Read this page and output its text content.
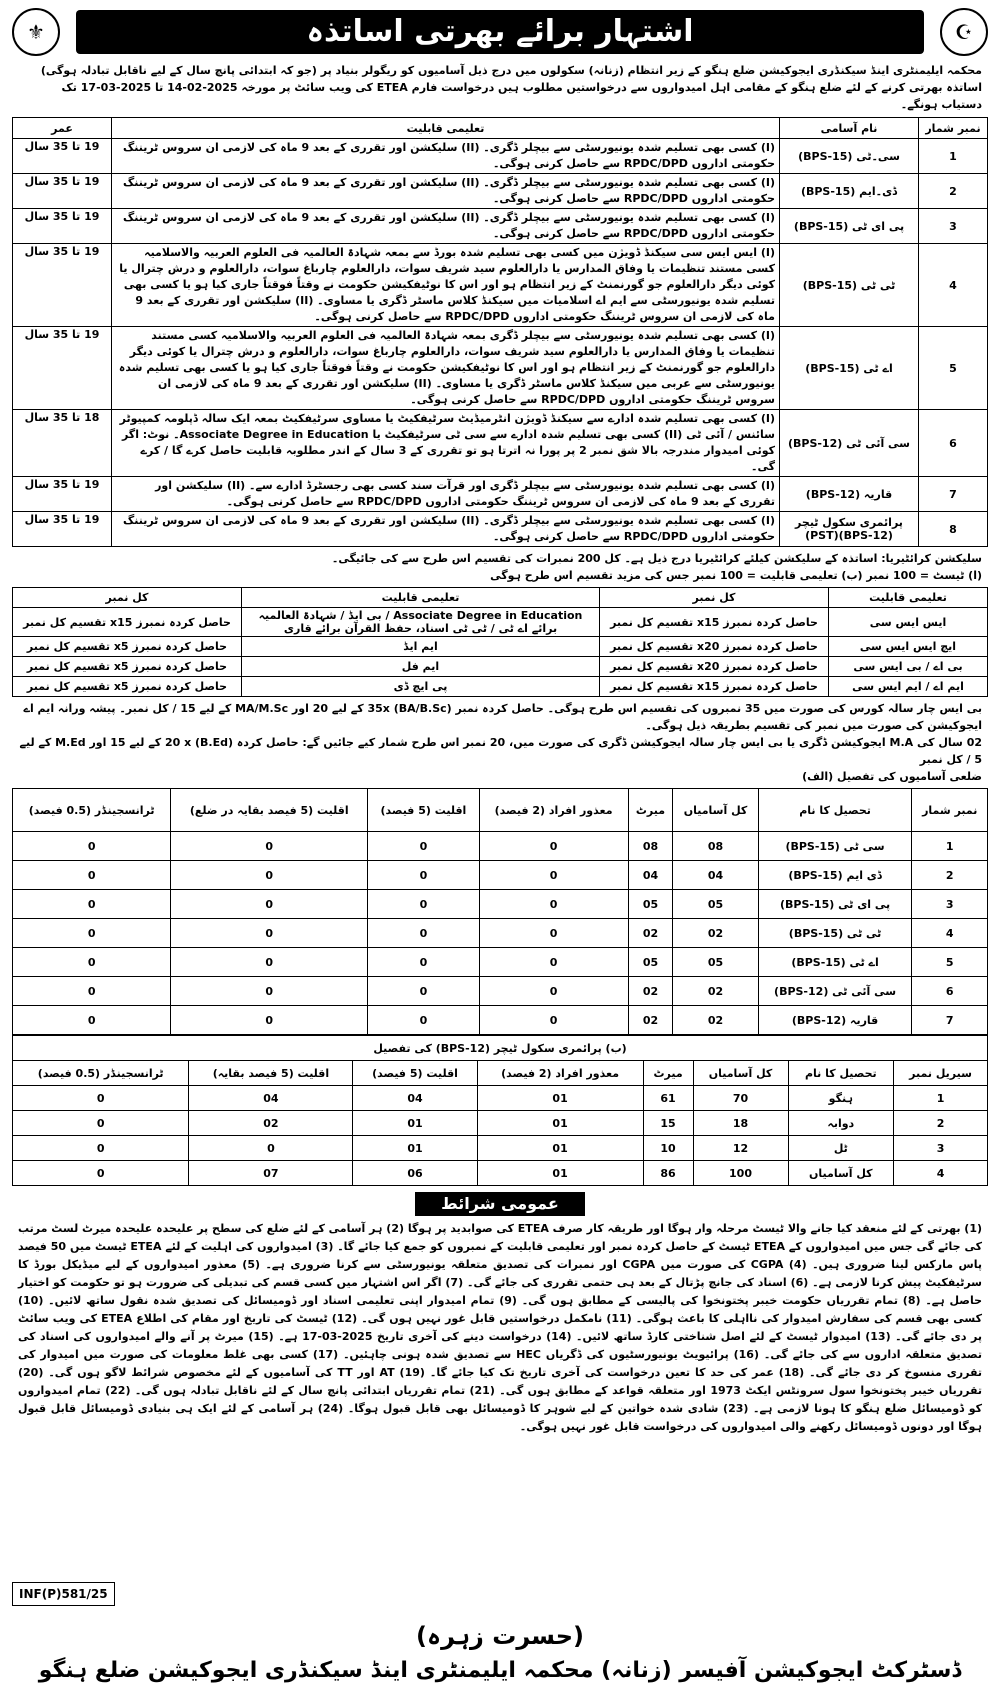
⚜	اشتہار برائے بھرتی اساتذہ	☪
محکمہ ایلیمنٹری اینڈ سیکنڈری ایجوکیشن ضلع ہنگو کے زیر انتظام (زنانہ) سکولوں میں درج ذیل آسامیوں کو ریگولر بنیاد پر (جو کہ ابتدائی پانچ سال کے لیے ناقابل تبادلہ ہوگی) اساتذہ بھرتی کرنے کے لئے ضلع ہنگو کے مقامی اہل امیدواروں سے درخواستیں مطلوب ہیں درخواست فارم ETEA کی ویب سائٹ پر مورخہ 2025-02-14 تا 2025-03-17 تک دستیاب ہونگے۔
نمبر شمار	نام آسامی	تعلیمی قابلیت	عمر
1	سی۔ٹی (BPS-15)	(I) کسی بھی تسلیم شدہ یونیورسٹی سے بیچلر ڈگری۔ (II) سلیکشن اور تقرری کے بعد 9 ماہ کی لازمی ان سروس ٹریننگ حکومتی اداروں RPDC/DPD سے حاصل کرنی ہوگی۔	19 تا 35 سال
2	ڈی۔ایم (BPS-15)	(I) کسی بھی تسلیم شدہ یونیورسٹی سے بیچلر ڈگری۔ (II) سلیکشن اور تقرری کے بعد 9 ماہ کی لازمی ان سروس ٹریننگ حکومتی اداروں RPDC/DPD سے حاصل کرنی ہوگی۔	19 تا 35 سال
3	پی ای ٹی (BPS-15)	(I) کسی بھی تسلیم شدہ یونیورسٹی سے بیچلر ڈگری۔ (II) سلیکشن اور تقرری کے بعد 9 ماہ کی لازمی ان سروس ٹریننگ حکومتی اداروں RPDC/DPD سے حاصل کرنی ہوگی۔	19 تا 35 سال
4	ٹی ٹی (BPS-15)	(I) ایس ایس سی سیکنڈ ڈویژن میں کسی بھی تسلیم شدہ بورڈ سے بمعہ شہادۃ العالمیہ فی العلوم العربیہ والاسلامیہ کسی مستند تنظیمات یا وفاق المدارس یا دارالعلوم سید شریف سوات، دارالعلوم چارباغ سوات، دارالعلوم و درش چترال یا کوئی دیگر دارالعلوم جو گورنمنٹ کے زیر انتظام ہو اور اس کا نوٹیفکیشن حکومت نے وقتاً فوقتاً جاری کیا ہو یا کسی بھی تسلیم شدہ یونیورسٹی سے ایم اے اسلامیات میں سیکنڈ کلاس ماسٹر ڈگری یا مساوی۔ (II) سلیکشن اور تقرری کے بعد 9 ماہ کی لازمی ان سروس ٹریننگ حکومتی اداروں RPDC/DPD سے حاصل کرنی ہوگی۔	19 تا 35 سال
5	اے ٹی (BPS-15)	(I) کسی بھی تسلیم شدہ یونیورسٹی سے بیچلر ڈگری بمعہ شہادۃ العالمیہ فی العلوم العربیہ والاسلامیہ کسی مستند تنظیمات یا وفاق المدارس یا دارالعلوم سید شریف سوات، دارالعلوم چارباغ سوات، دارالعلوم و درش چترال یا کوئی دیگر دارالعلوم جو گورنمنٹ کے زیر انتظام ہو اور اس کا نوٹیفکیشن حکومت نے وقتاً فوقتاً جاری کیا ہو یا کسی بھی تسلیم شدہ یونیورسٹی سے عربی میں سیکنڈ کلاس ماسٹر ڈگری یا مساوی۔ (II) سلیکشن اور تقرری کے بعد 9 ماہ کی لازمی ان سروس ٹریننگ حکومتی اداروں RPDC/DPD سے حاصل کرنی ہوگی۔	19 تا 35 سال
6	سی آئی ٹی (BPS-12)	(I) کسی بھی تسلیم شدہ ادارے سے سیکنڈ ڈویژن انٹرمیڈیٹ سرٹیفکیٹ یا مساوی سرٹیفکیٹ بمعہ ایک سالہ ڈپلومہ کمپیوٹر سائنس / آئی ٹی (II) کسی بھی تسلیم شدہ ادارے سے سی ٹی سرٹیفکیٹ یا Associate Degree in Education۔ نوٹ: اگر کوئی امیدوار مندرجہ بالا شق نمبر 2 پر پورا نہ اترتا ہو تو تقرری کے 3 سال کے اندر مطلوبہ قابلیت حاصل کرے گا / کرے گی۔	18 تا 35 سال
7	قاریہ (BPS-12)	(I) کسی بھی تسلیم شدہ یونیورسٹی سے بیچلر ڈگری اور قرآت سند کسی بھی رجسٹرڈ ادارے سے۔ (II) سلیکشن اور تقرری کے بعد 9 ماہ کی لازمی ان سروس ٹریننگ حکومتی اداروں RPDC/DPD سے حاصل کرنی ہوگی۔	19 تا 35 سال
8	پرائمری سکول ٹیچر (BPS-12)(PST)	(I) کسی بھی تسلیم شدہ یونیورسٹی سے بیچلر ڈگری۔ (II) سلیکشن اور تقرری کے بعد 9 ماہ کی لازمی ان سروس ٹریننگ حکومتی اداروں RPDC/DPD سے حاصل کرنی ہوگی۔	19 تا 35 سال
سلیکشن کرائٹیریا: اساتذہ کے سلیکشن کیلئے کرائٹیریا درج ذیل ہے۔ کل 200 نمبرات کی تقسیم اس طرح سے کی جائیگی۔
(ا) ٹیسٹ = 100 نمبر (ب) تعلیمی قابلیت = 100 نمبر جس کی مزید تقسیم اس طرح ہوگی
تعلیمی قابلیت	کل نمبر	تعلیمی قابلیت	کل نمبر
ایس ایس سی	حاصل کردہ نمبرز x15 تقسیم کل نمبر	Associate Degree in Education / بی ایڈ / شہادۃ العالمیہ برائے اے ٹی / ٹی ٹی اسناد، حفظ القرآن برائے قاری	حاصل کردہ نمبرز x15 تقسیم کل نمبر
ایچ ایس ایس سی	حاصل کردہ نمبرز x20 تقسیم کل نمبر	ایم ایڈ	حاصل کردہ نمبرز x5 تقسیم کل نمبر
بی اے / بی ایس سی	حاصل کردہ نمبرز x20 تقسیم کل نمبر	ایم فل	حاصل کردہ نمبرز x5 تقسیم کل نمبر
ایم اے / ایم ایس سی	حاصل کردہ نمبرز x15 تقسیم کل نمبر	پی ایچ ڈی	حاصل کردہ نمبرز x5 تقسیم کل نمبر
بی ایس چار سالہ کورس کی صورت میں 35 نمبروں کی تقسیم اس طرح ہوگی۔ حاصل کردہ نمبر (BA/B.Sc) 35x کے لیے 20 اور MA/M.Sc کے لیے 15 / کل نمبر۔ پیشہ ورانہ ایم اے ایجوکیشن کی صورت میں نمبر کی تقسیم بطریقہ ذیل ہوگی۔
02 سال کی M.A ایجوکیشن ڈگری یا بی ایس چار سالہ ایجوکیشن ڈگری کی صورت میں، 20 نمبر اس طرح شمار کیے جائیں گے: حاصل کردہ (B.Ed) 20 x کے لیے 15 اور M.Ed کے لیے 5 / کل نمبر
ضلعی آسامیوں کی تفصیل (الف)
نمبر شمار	تحصیل کا نام	کل آسامیاں	میرٹ	معذور افراد (2 فیصد)	اقلیت (5 فیصد)	اقلیت (5 فیصد بقایہ در ضلع)	ٹرانسجینڈر (0.5 فیصد)
1	سی ٹی (BPS-15)	08	08	0	0	0	0
2	ڈی ایم (BPS-15)	04	04	0	0	0	0
3	پی ای ٹی (BPS-15)	05	05	0	0	0	0
4	ٹی ٹی (BPS-15)	02	02	0	0	0	0
5	اے ٹی (BPS-15)	05	05	0	0	0	0
6	سی آئی ٹی (BPS-12)	02	02	0	0	0	0
7	قاریہ (BPS-12)	02	02	0	0	0	0
(ب) پرائمری سکول ٹیچر (BPS-12) کی تفصیل							
سیریل نمبر	تحصیل کا نام	کل آسامیاں	میرٹ	معذور افراد (2 فیصد)	اقلیت (5 فیصد)	اقلیت (5 فیصد بقایہ)	ٹرانسجینڈر (0.5 فیصد)
1	ہنگو	70	61	01	04	04	0
2	دوابہ	18	15	01	01	02	0
3	ٹل	12	10	01	01	0	0
4	کل آسامیاں	100	86	01	06	07	0
عمومی شرائط
(1) بھرتی کے لئے منعقد کیا جانے والا ٹیسٹ مرحلہ وار ہوگا اور طریقہ کار صرف ETEA کی صوابدید پر ہوگا (2) ہر آسامی کے لئے ضلع کی سطح پر علیحدہ علیحدہ میرٹ لسٹ مرتب کی جائے گی جس میں امیدواروں کے ETEA ٹیسٹ کے حاصل کردہ نمبر اور تعلیمی قابلیت کے نمبروں کو جمع کیا جائے گا۔ (3) امیدواروں کی اہلیت کے لئے ETEA ٹیسٹ میں 50 فیصد پاس مارکس لینا ضروری ہیں۔ (4) CGPA کی صورت میں CGPA اور نمبرات کی تصدیق متعلقہ یونیورسٹی سے کرنا ضروری ہے۔ (5) معذور امیدواروں کے لیے میڈیکل بورڈ کا سرٹیفکیٹ پیش کرنا لازمی ہے۔ (6) اسناد کی جانچ پڑتال کے بعد ہی حتمی تقرری کی جائے گی۔ (7) اگر اس اشتہار میں کسی قسم کی تبدیلی کی ضرورت ہو تو حکومت کو اختیار حاصل ہے۔ (8) تمام تقرریاں حکومت خیبر پختونخوا کی پالیسی کے مطابق ہوں گی۔ (9) تمام امیدوار اپنی تعلیمی اسناد اور ڈومیسائل کی تصدیق شدہ نقول ساتھ لائیں۔ (10) کسی بھی قسم کی سفارش امیدوار کی نااہلی کا باعث ہوگی۔ (11) نامکمل درخواستیں قابل غور نہیں ہوں گی۔ (12) ٹیسٹ کی تاریخ اور مقام کی اطلاع ETEA کی ویب سائٹ پر دی جائے گی۔ (13) امیدوار ٹیسٹ کے لئے اصل شناختی کارڈ ساتھ لائیں۔ (14) درخواست دینے کی آخری تاریخ 2025-03-17 ہے۔ (15) میرٹ پر آنے والے امیدواروں کی اسناد کی تصدیق متعلقہ اداروں سے کی جائے گی۔ (16) پرائیویٹ یونیورسٹیوں کی ڈگریاں HEC سے تصدیق شدہ ہونی چاہئیں۔ (17) کسی بھی غلط معلومات کی صورت میں امیدوار کی تقرری منسوخ کر دی جائے گی۔ (18) عمر کی حد کا تعین درخواست کی آخری تاریخ تک کیا جائے گا۔ (19) AT اور TT کی آسامیوں کے لئے مخصوص شرائط لاگو ہوں گی۔ (20) تقرریاں خیبر پختونخوا سول سرونٹس ایکٹ 1973 اور متعلقہ قواعد کے مطابق ہوں گی۔ (21) تمام تقرریاں ابتدائی پانچ سال کے لئے ناقابل تبادلہ ہوں گی۔ (22) تمام امیدواروں کو ڈومیسائل ضلع ہنگو کا ہونا لازمی ہے۔ (23) شادی شدہ خواتین کے لیے شوہر کا ڈومیسائل بھی قابل قبول ہوگا۔ (24) ہر آسامی کے لئے ایک ہی بنیادی ڈومیسائل قابل قبول ہوگا اور دونوں ڈومیسائل رکھنے والی امیدواروں کی درخواست قابل غور نہیں ہوگی۔
INF(P)581/25
(حسرت زہرہ)
ڈسٹرکٹ ایجوکیشن آفیسر (زنانہ) محکمہ ایلیمنٹری اینڈ سیکنڈری ایجوکیشن ضلع ہنگو
